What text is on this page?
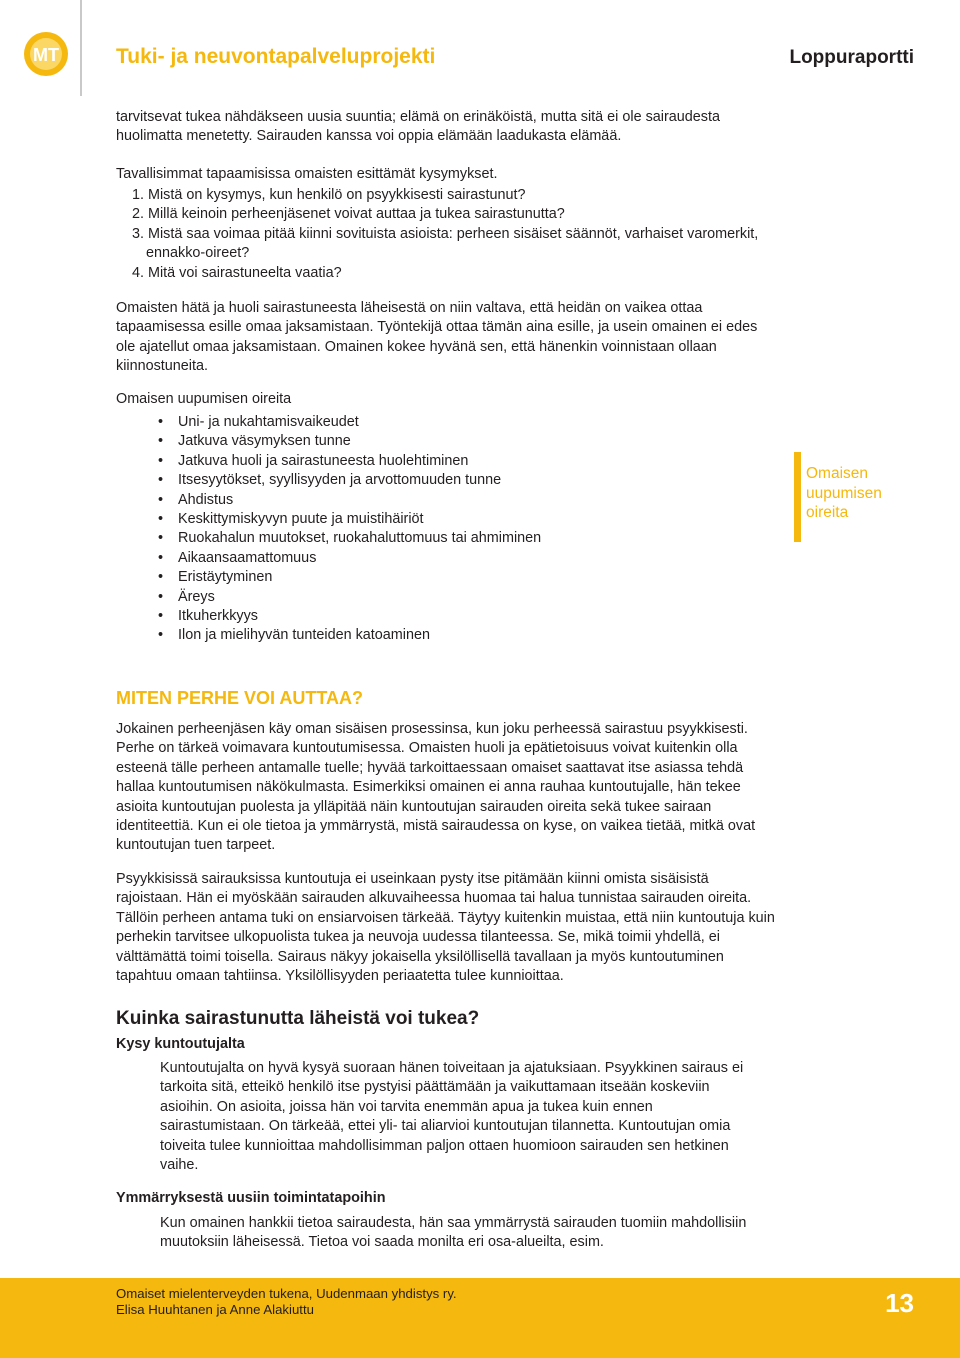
MT	Tuki- ja neuvontapalveluprojekti	Loppuraportti

tarvitsevat tukea nähdäkseen uusia suuntia; elämä on erinäköistä, mutta sitä ei ole sairaudesta huolimatta menetetty. Sairauden kanssa voi oppia elämään laadukasta elämää.

Tavallisimmat tapaamisissa omaisten esittämät kysymykset.

1. Mistä on kysymys, kun henkilö on psyykkisesti sairastunut?
2. Millä keinoin perheenjäsenet voivat auttaa ja tukea sairastunutta?
3. Mistä saa voimaa pitää kiinni sovituista asioista: perheen sisäiset säännöt, varhaiset varomerkit, ennakko-oireet?
4. Mitä voi sairastuneelta vaatia?

Omaisten hätä ja huoli sairastuneesta läheisestä on niin valtava, että heidän on vaikea ottaa tapaamisessa esille omaa jaksamistaan. Työntekijä ottaa tämän aina esille, ja usein omainen ei edes ole ajatellut omaa jaksamistaan. Omainen kokee hyvänä sen, että hänenkin voinnistaan ollaan kiinnostuneita.

Omaisen uupumisen oireita

• Uni- ja nukahtamisvaikeudet
• Jatkuva väsymyksen tunne
• Jatkuva huoli ja sairastuneesta huolehtiminen
• Itsesyytökset, syyllisyyden ja arvottomuuden tunne
• Ahdistus
• Keskittymiskyvyn puute ja muistihäiriöt
• Ruokahalun muutokset, ruokahaluttomuus tai ahmiminen
• Aikaansaamattomuus
• Eristäytyminen
• Äreys
• Itkuherkkyys
• Ilon ja mielihyvän tunteiden katoaminen
Omaisen uupumisen oireita
MITEN PERHE VOI AUTTAA?

Jokainen perheenjäsen käy oman sisäisen prosessinsa, kun joku perheessä sairastuu psyykkisesti. Perhe on tärkeä voimavara kuntoutumisessa. Omaisten huoli ja epätietoisuus voivat kuitenkin olla esteenä tälle perheen antamalle tuelle; hyvää tarkoittaessaan omaiset saattavat itse asiassa tehdä hallaa kuntoutumisen näkökulmasta. Esimerkiksi omainen ei anna rauhaa kuntoutujalle, hän tekee asioita kuntoutujan puolesta ja ylläpitää näin kuntoutujan sairauden oireita sekä tukee sairaan identiteettiä. Kun ei ole tietoa ja ymmärrystä, mistä sairaudessa on kyse, on vaikea tietää, mitkä ovat kuntoutujan tuen tarpeet.

Psyykkisissä sairauksissa kuntoutuja ei useinkaan pysty itse pitämään kiinni omista sisäisistä rajoistaan. Hän ei myöskään sairauden alkuvaiheessa huomaa tai halua tunnistaa sairauden oireita. Tällöin perheen antama tuki on ensiarvoisen tärkeää. Täytyy kuitenkin muistaa, että niin kuntoutuja kuin perhekin tarvitsee ulkopuolista tukea ja neuvoja uudessa tilanteessa. Se, mikä toimii yhdellä, ei välttämättä toimi toisella. Sairaus näkyy jokaisella yksilöllisellä tavallaan ja myös kuntoutuminen tapahtuu omaan tahtiinsa. Yksilöllisyyden periaatetta tulee kunnioittaa.

Kuinka sairastunutta läheistä voi tukea?
Kysy kuntoutujalta

Kuntoutujalta on hyvä kysyä suoraan hänen toiveitaan ja ajatuksiaan. Psyykkinen sairaus ei tarkoita sitä, etteikö henkilö itse pystyisi päättämään ja vaikuttamaan itseään koskeviin asioihin. On asioita, joissa hän voi tarvita enemmän apua ja tukea kuin ennen sairastumistaan. On tärkeää, ettei yli- tai aliarvioi kuntoutujan tilannetta. Kuntoutujan omia toiveita tulee kunnioittaa mahdollisimman paljon ottaen huomioon sairauden sen hetkinen vaihe.

Ymmärryksestä uusiin toimintatapoihin

Kun omainen hankkii tietoa sairaudesta, hän saa ymmärrystä sairauden tuomiin mahdollisiin muutoksiin läheisessä. Tietoa voi saada monilta eri osa-alueilta, esim.

Omaiset mielenterveyden tukena, Uudenmaan yhdistys ry.
Elisa Huuhtanen ja Anne Alakiuttu	13
